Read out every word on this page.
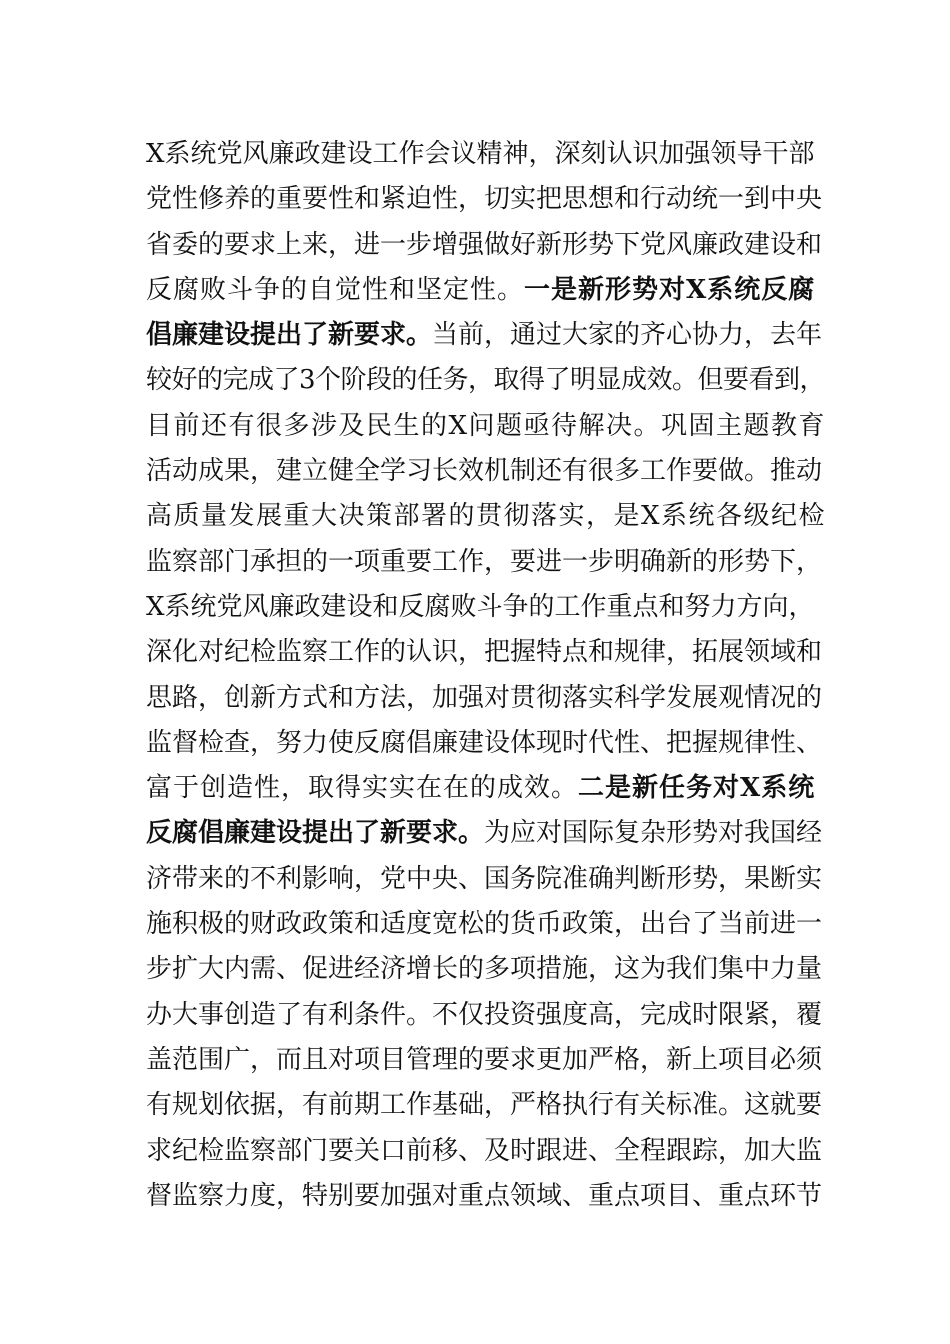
X系统党风廉政建设工作会议精神，深刻认识加强领导干部
党性修养的重要性和紧迫性，切实把思想和行动统一到中央
省委的要求上来，进一步增强做好新形势下党风廉政建设和
反腐败斗争的自觉性和坚定性。一是新形势对X系统反腐
倡廉建设提出了新要求。当前，通过大家的齐心协力，去年
较好的完成了3个阶段的任务，取得了明显成效。但要看到，
目前还有很多涉及民生的X问题亟待解决。巩固主题教育
活动成果，建立健全学习长效机制还有很多工作要做。推动
高质量发展重大决策部署的贯彻落实，是X系统各级纪检
监察部门承担的一项重要工作，要进一步明确新的形势下，
X系统党风廉政建设和反腐败斗争的工作重点和努力方向，
深化对纪检监察工作的认识，把握特点和规律，拓展领域和
思路，创新方式和方法，加强对贯彻落实科学发展观情况的
监督检查，努力使反腐倡廉建设体现时代性、把握规律性、
富于创造性，取得实实在在的成效。二是新任务对X系统
反腐倡廉建设提出了新要求。为应对国际复杂形势对我国经
济带来的不利影响，党中央、国务院准确判断形势，果断实
施积极的财政政策和适度宽松的货币政策，出台了当前进一
步扩大内需、促进经济增长的多项措施，这为我们集中力量
办大事创造了有利条件。不仅投资强度高，完成时限紧，覆
盖范围广，而且对项目管理的要求更加严格，新上项目必须
有规划依据，有前期工作基础，严格执行有关标准。这就要
求纪检监察部门要关口前移、及时跟进、全程跟踪，加大监
督监察力度，特别要加强对重点领域、重点项目、重点环节
